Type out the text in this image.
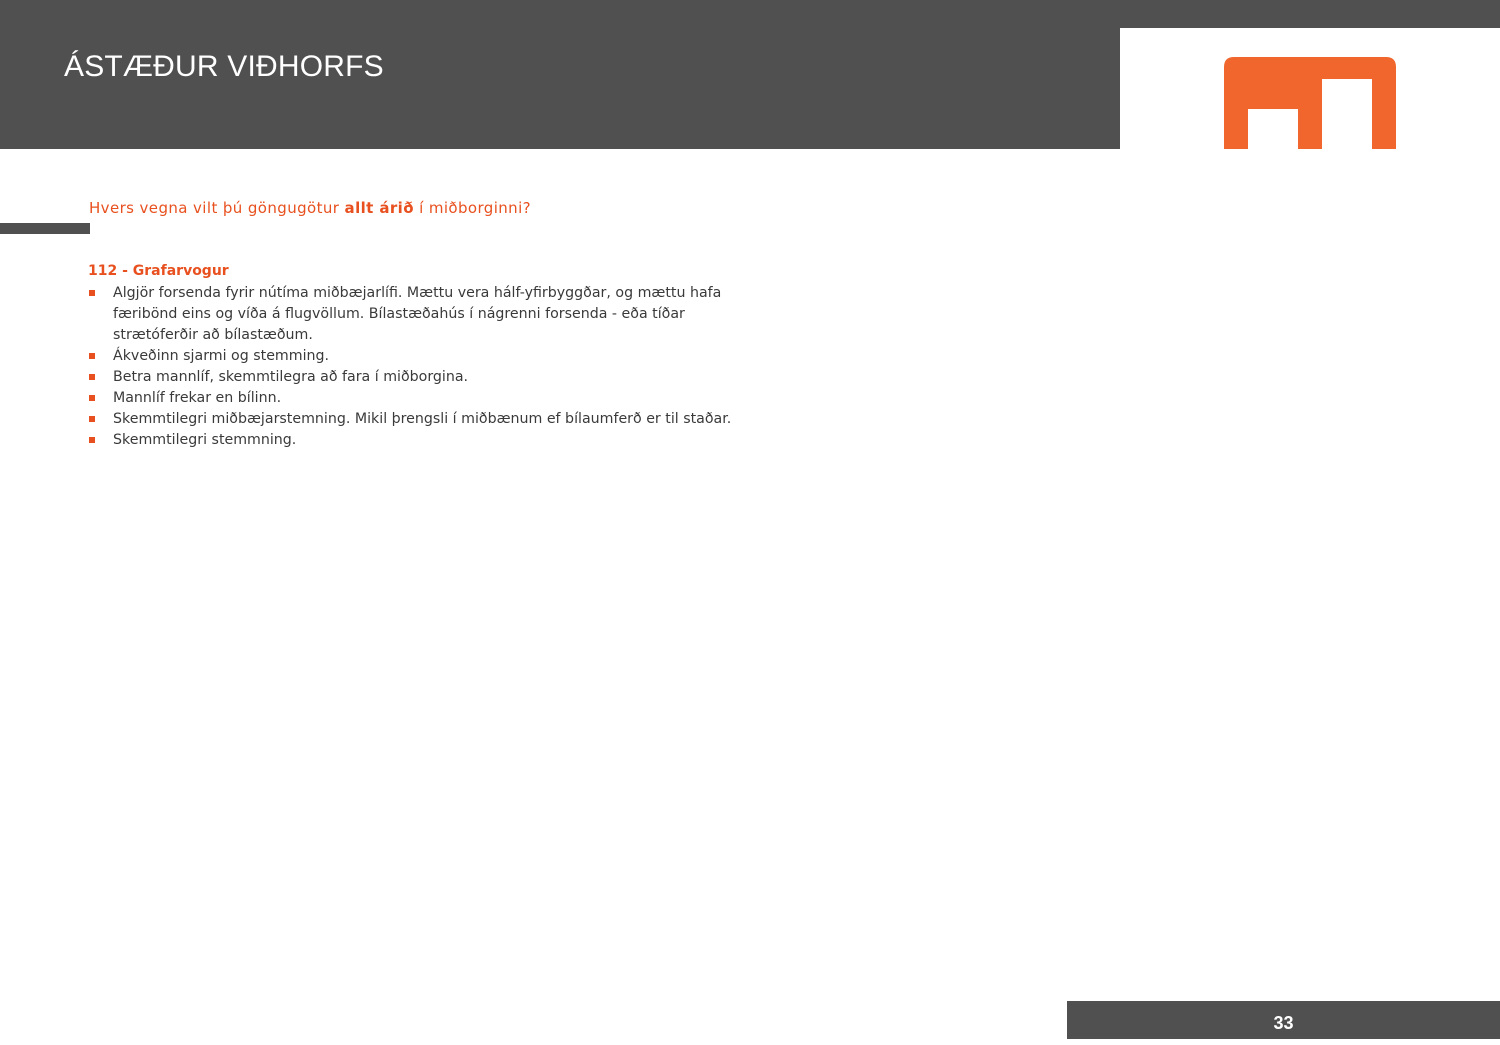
ÁSTÆÐUR VIÐHORFS

Hvers vegna vilt þú göngugötur allt árið í miðborginni?

112 - Grafarvogur

Algjör forsenda fyrir nútíma miðbæjarlífi. Mættu vera hálf-yfirbyggðar, og mættu hafa færibönd eins og víða á flugvöllum. Bílastæðahús í nágrenni forsenda - eða tíðar strætóferðir að bílastæðum.
Ákveðinn sjarmi og stemming.
Betra mannlíf, skemmtilegra að fara í miðborgina.
Mannlíf frekar en bílinn.
Skemmtilegri miðbæjarstemning. Mikil þrengsli í miðbænum ef bílaumferð er til staðar.
Skemmtilegri stemmning.
33
